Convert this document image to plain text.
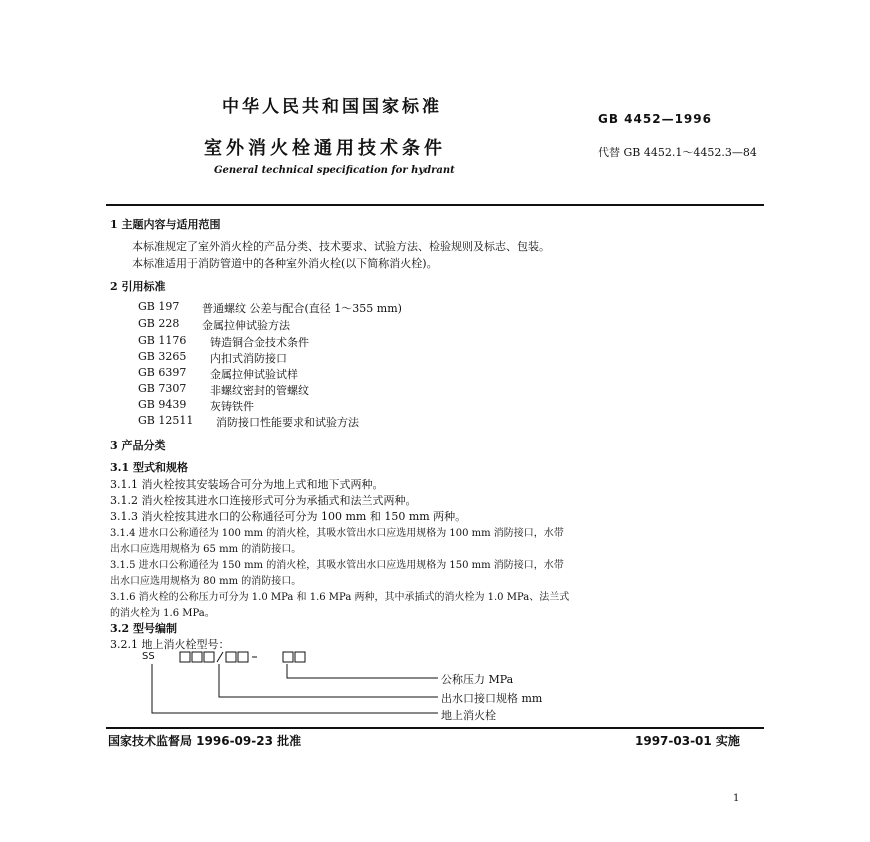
中华人民共和国国家标准
GB 4452—1996
室外消火栓通用技术条件	代替 GB 4452.1～4452.3—84
General technical specification for hydrant
1 主题内容与适用范围
本标准规定了室外消火栓的产品分类、技术要求、试验方法、检验规则及标志、包装。
本标准适用于消防管道中的各种室外消火栓(以下简称消火栓)。
2 引用标准
GB 197 普通螺纹 公差与配合(直径 1～355 mm)
GB 228 金属拉伸试验方法
GB 1176 铸造铜合金技术条件
GB 3265 内扣式消防接口
GB 6397 金属拉伸试验试样
GB 7307 非螺纹密封的管螺纹
GB 9439 灰铸铁件
GB 12511 消防接口性能要求和试验方法
3 产品分类
3.1 型式和规格
3.1.1 消火栓按其安装场合可分为地上式和地下式两种。
3.1.2 消火栓按其进水口连接形式可分为承插式和法兰式两种。
3.1.3 消火栓按其进水口的公称通径可分为 100 mm 和 150 mm 两种。
3.1.4 进水口公称通径为 100 mm 的消火栓，其吸水管出水口应选用规格为 100 mm 消防接口，水带
出水口应选用规格为 65 mm 的消防接口。
3.1.5 进水口公称通径为 150 mm 的消火栓，其吸水管出水口应选用规格为 150 mm 消防接口，水带
出水口应选用规格为 80 mm 的消防接口。
3.1.6 消火栓的公称压力可分为 1.0 MPa 和 1.6 MPa 两种，其中承插式的消火栓为 1.0 MPa、法兰式
的消火栓为 1.6 MPa。
3.2 型号编制
3.2.1 地上消火栓型号：
SS
公称压力 MPa
出水口接口规格 mm
地上消火栓
国家技术监督局 1996-09-23 批准	1997-03-01 实施
1
